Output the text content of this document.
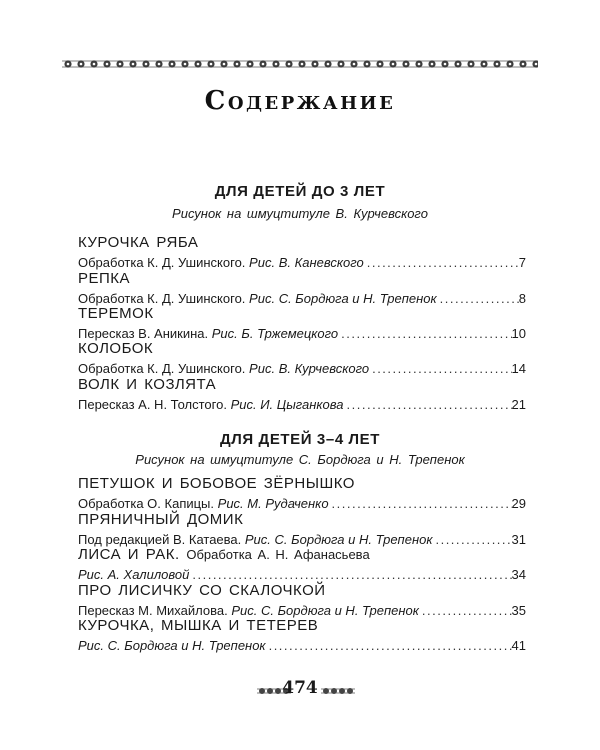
Содержание
ДЛЯ ДЕТЕЙ ДО 3 ЛЕТ
Рисунок на шмуцтитуле В. Курчевского
КУРОЧКА РЯБА
Обработка К. Д. Ушинского. Рис. В. Каневского .....	7
РЕПКА
Обработка К. Д. Ушинского. Рис. С. Бордюга и Н. Трепенок .....	8
ТЕРЕМОК
Пересказ В. Аникина. Рис. Б. Тржемецкого .....	10
КОЛОБОК
Обработка К. Д. Ушинского. Рис. В. Курчевского .....	14
ВОЛК И КОЗЛЯТА
Пересказ А. Н. Толстого. Рис. И. Цыганкова .....	21
ДЛЯ ДЕТЕЙ 3–4 ЛЕТ
Рисунок на шмуцтитуле С. Бордюга и Н. Трепенок
ПЕТУШОК И БОБОВОЕ ЗЁРНЫШКО
Обработка О. Капицы. Рис. М. Рудаченко .....	29
ПРЯНИЧНЫЙ ДОМИК
Под редакцией В. Катаева. Рис. С. Бордюга и Н. Трепенок .....	31
ЛИСА И РАК. Обработка А. Н. Афанасьева
Рис. А. Халиловой .....	34
ПРО ЛИСИЧКУ СО СКАЛОЧКОЙ
Пересказ М. Михайлова. Рис. С. Бордюга и Н. Трепенок .....	35
КУРОЧКА, МЫШКА И ТЕТЕРЕВ
Рис. С. Бордюга и Н. Трепенок .....	41
474
